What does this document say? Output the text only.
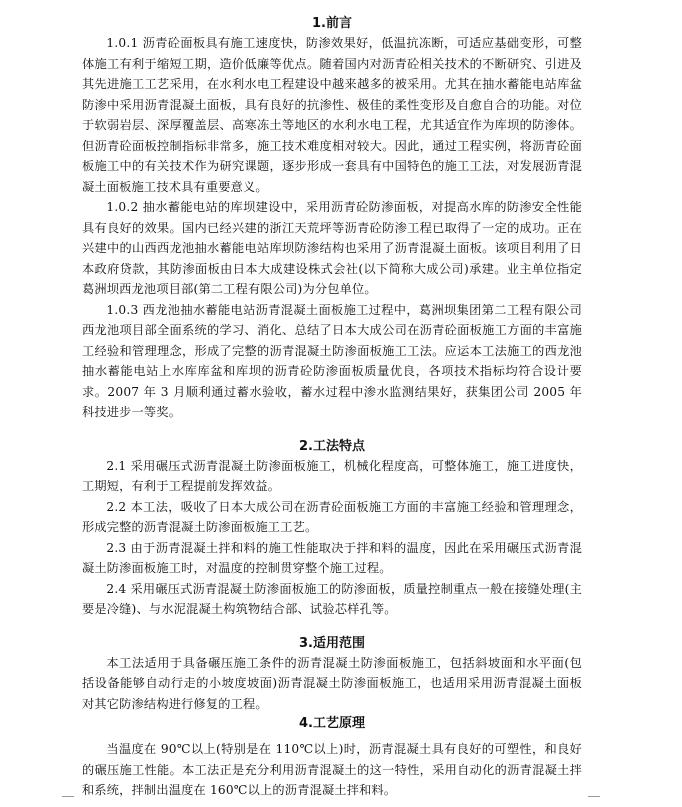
1.前言

1.0.1 沥青砼面板具有施工速度快，防渗效果好，低温抗冻断，可适应基础变形，可整体施工有利于缩短工期，造价低廉等优点。随着国内对沥青砼相关技术的不断研究、引进及其先进施工工艺采用，在水利水电工程建设中越来越多的被采用。尤其在抽水蓄能电站库盆防渗中采用沥青混凝土面板，具有良好的抗渗性、极佳的柔性变形及自愈自合的功能。对位于软弱岩层、深厚覆盖层、高寒冻土等地区的水利水电工程，尤其适宜作为库坝的防渗体。但沥青砼面板控制指标非常多，施工技术难度相对较大。因此，通过工程实例，将沥青砼面板施工中的有关技术作为研究课题，逐步形成一套具有中国特色的施工工法，对发展沥青混凝土面板施工技术具有重要意义。

1.0.2 抽水蓄能电站的库坝建设中，采用沥青砼防渗面板，对提高水库的防渗安全性能具有良好的效果。国内已经兴建的浙江天荒坪等沥青砼防渗工程已取得了一定的成功。正在兴建中的山西西龙池抽水蓄能电站库坝防渗结构也采用了沥青混凝土面板。该项目利用了日本政府贷款，其防渗面板由日本大成建设株式会社(以下简称大成公司)承建。业主单位指定葛洲坝西龙池项目部(第二工程有限公司)为分包单位。

1.0.3 西龙池抽水蓄能电站沥青混凝土面板施工过程中，葛洲坝集团第二工程有限公司西龙池项目部全面系统的学习、消化、总结了日本大成公司在沥青砼面板施工方面的丰富施工经验和管理理念，形成了完整的沥青混凝土防渗面板施工工法。应运本工法施工的西龙池抽水蓄能电站上水库库盆和库坝的沥青砼防渗面板质量优良，各项技术指标均符合设计要求。2007 年 3 月顺利通过蓄水验收，蓄水过程中渗水监测结果好，获集团公司 2005 年科技进步一等奖。

2.工法特点

2.1 采用碾压式沥青混凝土防渗面板施工，机械化程度高，可整体施工，施工进度快，工期短，有利于工程提前发挥效益。

2.2 本工法，吸收了日本大成公司在沥青砼面板施工方面的丰富施工经验和管理理念，形成完整的沥青混凝土防渗面板施工工艺。

2.3 由于沥青混凝土拌和料的施工性能取决于拌和料的温度，因此在采用碾压式沥青混凝土防渗面板施工时，对温度的控制贯穿整个施工过程。

2.4 采用碾压式沥青混凝土防渗面板施工的防渗面板，质量控制重点一般在接缝处理(主要是冷缝)、与水泥混凝土构筑物结合部、试验芯样孔等。

3.适用范围

本工法适用于具备碾压施工条件的沥青混凝土防渗面板施工，包括斜坡面和水平面(包括设备能够自动行走的小坡度坡面)沥青混凝土防渗面板施工，也适用采用沥青混凝土面板对其它防渗结构进行修复的工程。

4.工艺原理

当温度在 90℃以上(特别是在 110℃以上)时，沥青混凝土具有良好的可塑性，和良好的碾压施工性能。本工法正是充分利用沥青混凝土的这一特性，采用自动化的沥青混凝土拌和系统，拌制出温度在 160℃以上的沥青混凝土拌和料。
